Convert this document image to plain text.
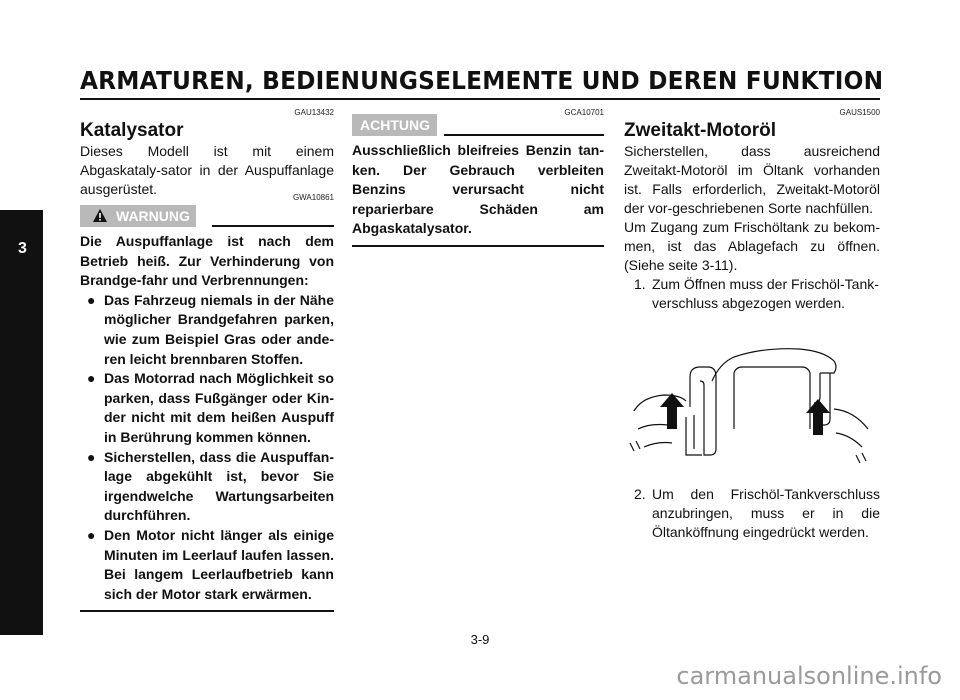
ARMATUREN, BEDIENUNGSELEMENTE UND DEREN FUNKTION
3
GAU13432
Katalysator
Dieses Modell ist mit einem Abgaskataly-sator in der Auspuffanlage ausgerüstet.
GWA10861
WARNUNG
Die Auspuffanlage ist nach dem Betrieb heiß. Zur Verhinderung von Brandge-fahr und Verbrennungen:
● Das Fahrzeug niemals in der Nähe möglicher Brandgefahren parken, wie zum Beispiel Gras oder ande-ren leicht brennbaren Stoffen.
● Das Motorrad nach Möglichkeit so parken, dass Fußgänger oder Kin-der nicht mit dem heißen Auspuff in Berührung kommen können.
● Sicherstellen, dass die Auspuffan-lage abgekühlt ist, bevor Sie irgendwelche Wartungsarbeiten durchführen.
● Den Motor nicht länger als einige Minuten im Leerlauf laufen lassen. Bei langem Leerlaufbetrieb kann sich der Motor stark erwärmen.
GCA10701
ACHTUNG
Ausschließlich bleifreies Benzin tan-ken. Der Gebrauch verbleiten Benzins verursacht nicht reparierbare Schäden am Abgaskatalysator.
GAUS1500
Zweitakt-Motoröl
Sicherstellen, dass ausreichend Zweitakt-Motoröl im Öltank vorhanden ist. Falls erforderlich, Zweitakt-Motoröl der vor-geschriebenen Sorte nachfüllen.
Um Zugang zum Frischöltank zu bekom-men, ist das Ablagefach zu öffnen. (Siehe seite 3-11).
1. Zum Öffnen muss der Frischöl-Tank-verschluss abgezogen werden.
2. Um den Frischöl-Tankverschluss anzubringen, muss er in die Öltanköffnung eingedrückt werden.
3-9
carmanualsonline.info
